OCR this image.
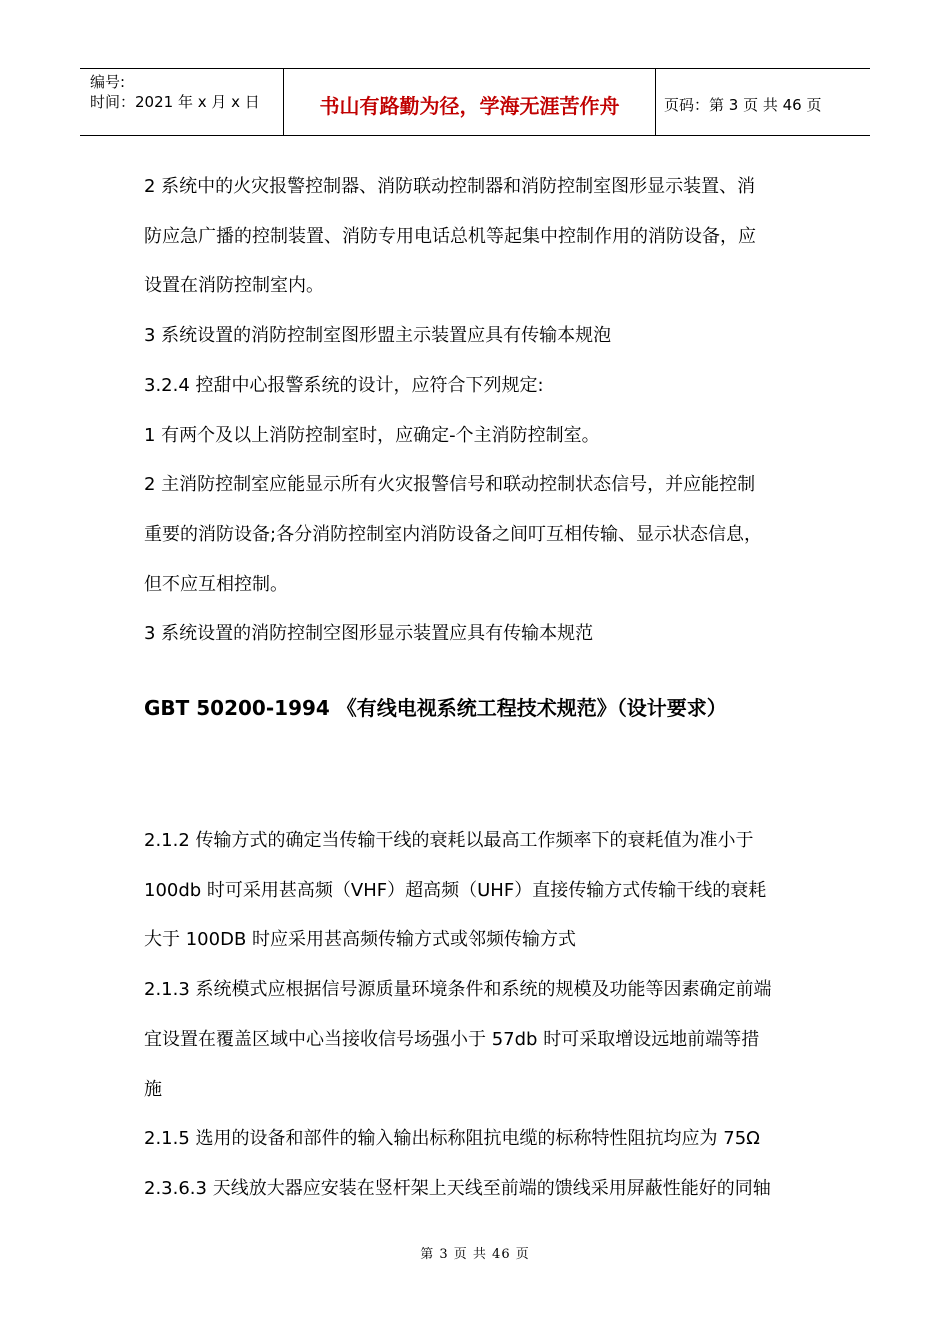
编号:
时间：2021 年 x 月 x 日	书山有路勤为径，学海无涯苦作舟	页码：第 3 页 共 46 页

2 系统中的火灾报警控制器、消防联动控制器和消防控制室图形显示装置、消

防应急广播的控制装置、消防专用电话总机等起集中控制作用的消防设备，应

设置在消防控制室内。

3 系统设置的消防控制室图形盟主示装置应具有传输本规泡

3.2.4 控甜中心报警系统的设计，应符合下列规定:

1 有两个及以上消防控制室时，应确定-个主消防控制室。

2 主消防控制室应能显示所有火灾报警信号和联动控制状态信号，并应能控制

重要的消防设备;各分消防控制室内消防设备之间叮互相传输、显示状态信息，

但不应互相控制。

3 系统设置的消防控制空图形显示装置应具有传输本规范

GBT 50200-1994 《有线电视系统工程技术规范》（设计要求）

2.1.2 传输方式的确定当传输干线的衰耗以最高工作频率下的衰耗值为准小于

100db 时可采用甚高频（VHF）超高频（UHF）直接传输方式传输干线的衰耗

大于 100DB 时应采用甚高频传输方式或邻频传输方式

2.1.3 系统模式应根据信号源质量环境条件和系统的规模及功能等因素确定前端

宜设置在覆盖区域中心当接收信号场强小于 57db 时可采取增设远地前端等措

施

2.1.5 选用的设备和部件的输入输出标称阻抗电缆的标称特性阻抗均应为 75Ω

2.3.6.3 天线放大器应安装在竖杆架上天线至前端的馈线采用屏蔽性能好的同轴

第 3 页 共 46 页
